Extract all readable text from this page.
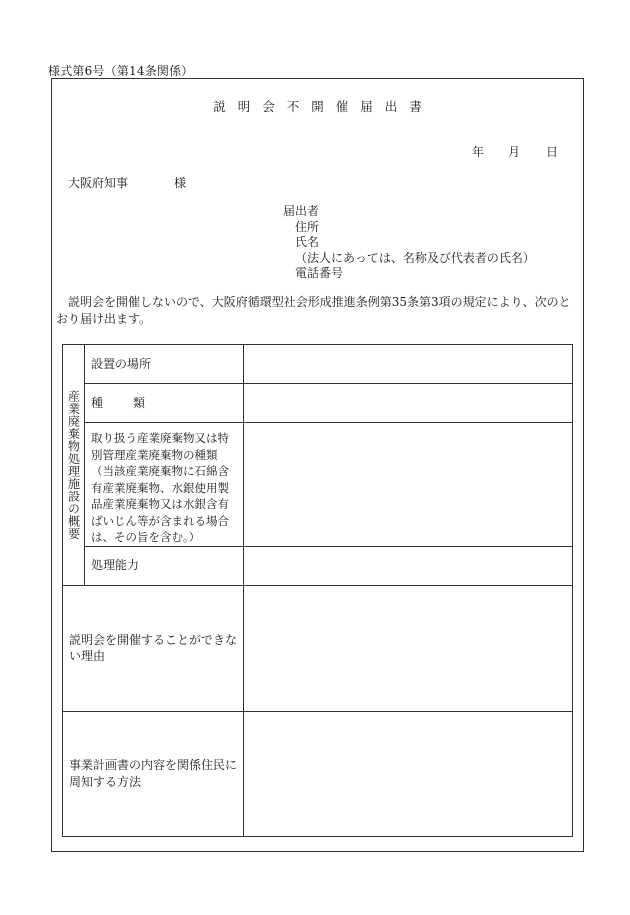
様式第6号（第14条関係）
説明会不開催届出書
年 月 日
大阪府知事	様
届出者
住所
氏名
（法人にあっては、名称及び代表者の氏名）
電話番号
説明会を開催しないので、大阪府循環型社会形成推進条例第35条第3項の規定により、次のとおり届け出ます。
産業廃棄物処理施設の概要	設置の場所	
	種　類	
	取り扱う産業廃棄物又は特別管理産業廃棄物の種類（当該産業廃棄物に石綿含有産業廃棄物、水銀使用製品産業廃棄物又は水銀含有ばいじん等が含まれる場合は、その旨を含む。）	
	処理能力	
説明会を開催することができない理由		
事業計画書の内容を関係住民に周知する方法		
